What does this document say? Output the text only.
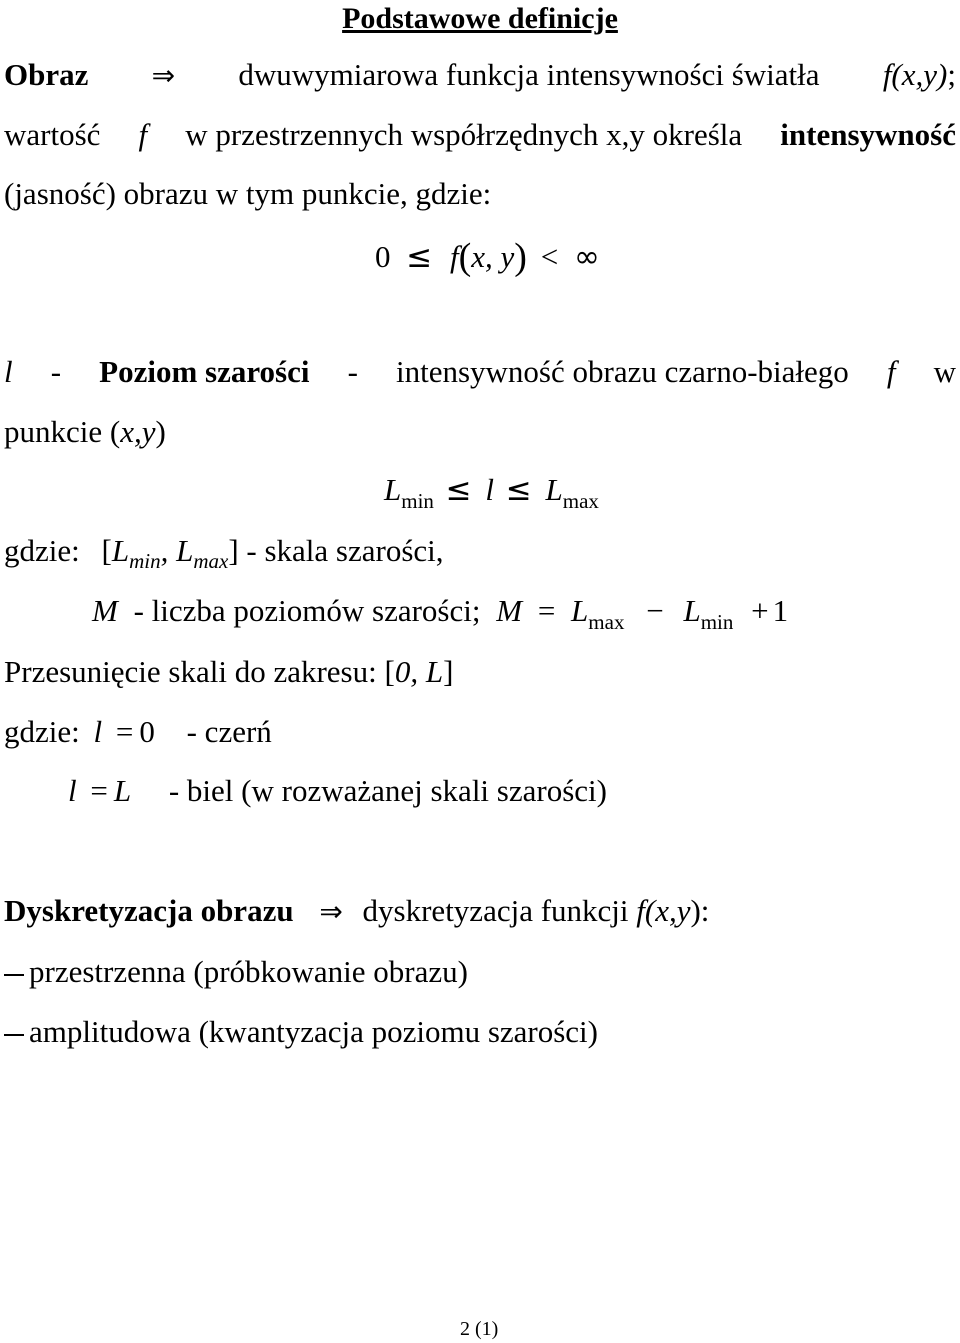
Podstawowe definicje
Obraz ⇒ dwuwymiarowa funkcja intensywności światła f(x,y);
wartość f w przestrzennych współrzędnych x,y określa intensywność
(jasność) obrazu w tym punkcie, gdzie:
0 ≤ f(x, y) < ∞
l - Poziom szarości - intensywność obrazu czarno-białego f w
punkcie (x,y)
$L_{min} \le l \le L_{max}$
gdzie: [$L_{min}$, $L_{max}$] - skala szarości,
M - liczba poziomów szarości; $M = L_{max} - L_{min} + 1$
Przesunięcie skali do zakresu: [0, L]
gdzie: l = 0 - czerń
l = L - biel (w rozważanej skali szarości)
Dyskretyzacja obrazu ⇒ dyskretyzacja funkcji f(x,y):
przestrzenna (próbkowanie obrazu)
amplitudowa (kwantyzacja poziomu szarości)
2 (1)
